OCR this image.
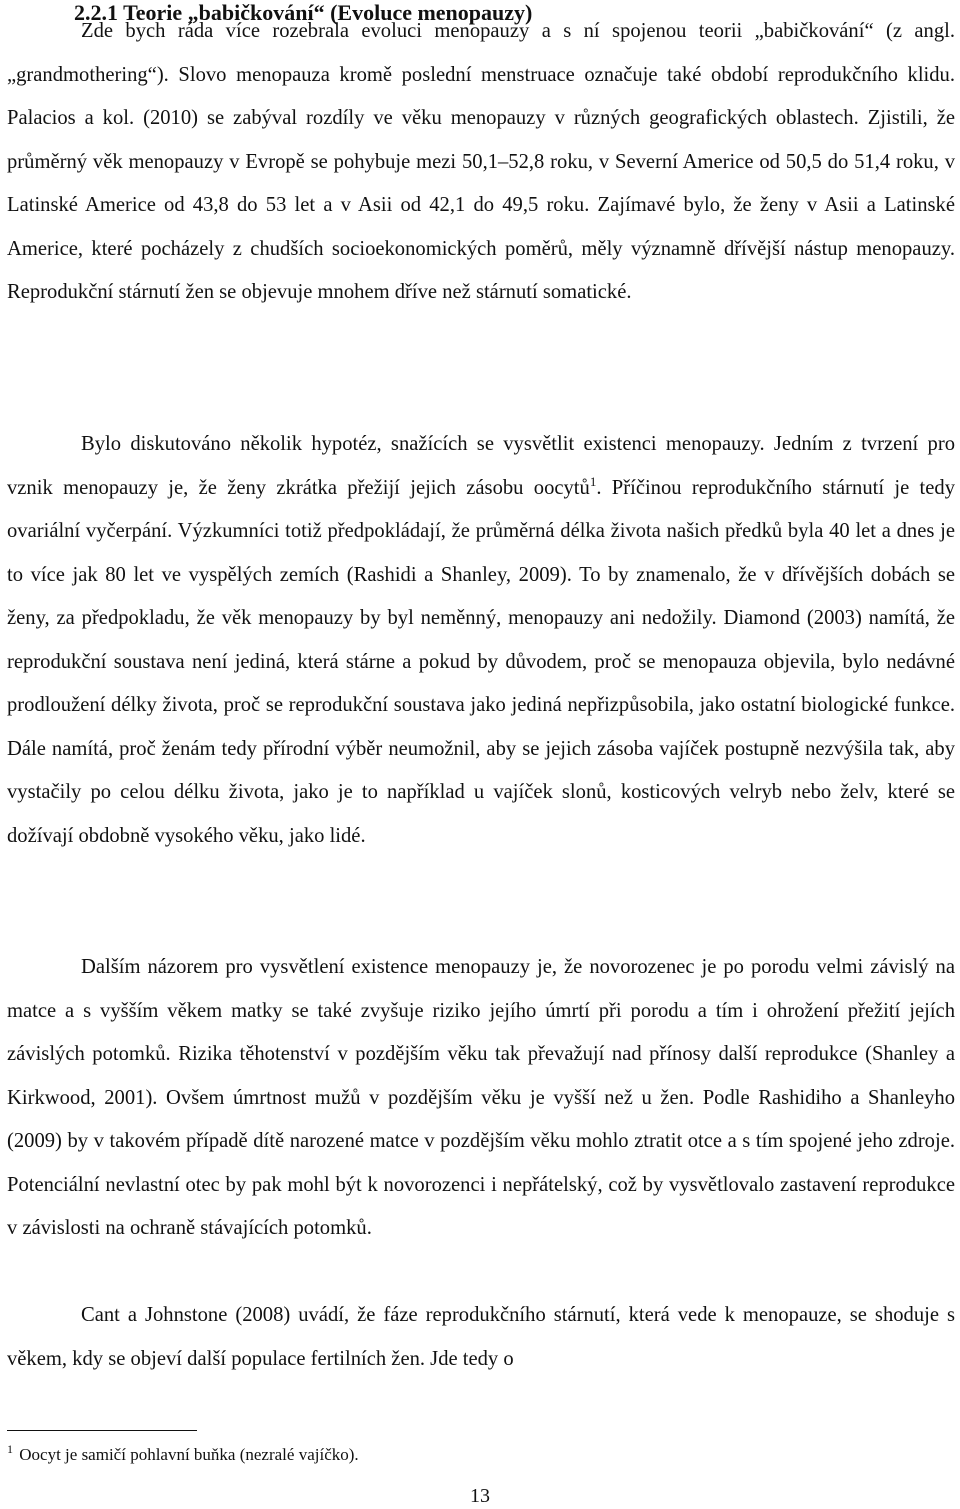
2.2.1 Teorie „babičkování“ (Evoluce menopauzy)

Zde bych ráda více rozebrala evoluci menopauzy a s ní spojenou teorii „babičkování“ (z angl. „grandmothering“). Slovo menopauza kromě poslední menstruace označuje také období reprodukčního klidu. Palacios a kol. (2010) se zabýval rozdíly ve věku menopauzy v různých geografických oblastech. Zjistili, že průměrný věk menopauzy v Evropě se pohybuje mezi 50,1–52,8 roku, v Severní Americe od 50,5 do 51,4 roku, v Latinské Americe od 43,8 do 53 let a v Asii od 42,1 do 49,5 roku. Zajímavé bylo, že ženy v Asii a Latinské Americe, které pocházely z chudších socioekonomických poměrů, měly významně dřívější nástup menopauzy. Reprodukční stárnutí žen se objevuje mnohem dříve než stárnutí somatické.

Bylo diskutováno několik hypotéz, snažících se vysvětlit existenci menopauzy. Jedním z tvrzení pro vznik menopauzy je, že ženy zkrátka přežijí jejich zásobu oocytů$^1$. Příčinou reprodukčního stárnutí je tedy ovariální vyčerpání. Výzkumníci totiž předpokládají, že průměrná délka života našich předků byla 40 let a dnes je to více jak 80 let ve vyspělých zemích (Rashidi a Shanley, 2009). To by znamenalo, že v dřívějších dobách se ženy, za předpokladu, že věk menopauzy by byl neměnný, menopauzy ani nedožily. Diamond (2003) namítá, že reprodukční soustava není jediná, která stárne a pokud by důvodem, proč se menopauza objevila, bylo nedávné prodloužení délky života, proč se reprodukční soustava jako jediná nepřizpůsobila, jako ostatní biologické funkce. Dále namítá, proč ženám tedy přírodní výběr neumožnil, aby se jejich zásoba vajíček postupně nezvýšila tak, aby vystačily po celou délku života, jako je to například u vajíček slonů, kosticových velryb nebo želv, které se dožívají obdobně vysokého věku, jako lidé.

Dalším názorem pro vysvětlení existence menopauzy je, že novorozenec je po porodu velmi závislý na matce a s vyšším věkem matky se také zvyšuje riziko jejího úmrtí při porodu a tím i ohrožení přežití jejích závislých potomků. Rizika těhotenství v pozdějším věku tak převažují nad přínosy další reprodukce (Shanley a Kirkwood, 2001). Ovšem úmrtnost mužů v pozdějším věku je vyšší než u žen. Podle Rashidiho a Shanleyho (2009) by v takovém případě dítě narozené matce v pozdějším věku mohlo ztratit otce a s tím spojené jeho zdroje. Potenciální nevlastní otec by pak mohl být k novorozenci i nepřátelský, což by vysvětlovalo zastavení reprodukce v závislosti na ochraně stávajících potomků.

Cant a Johnstone (2008) uvádí, že fáze reprodukčního stárnutí, která vede k menopauze, se shoduje s věkem, kdy se objeví další populace fertilních žen. Jde tedy o

$^1$ Oocyt je samičí pohlavní buňka (nezralé vajíčko).
13
